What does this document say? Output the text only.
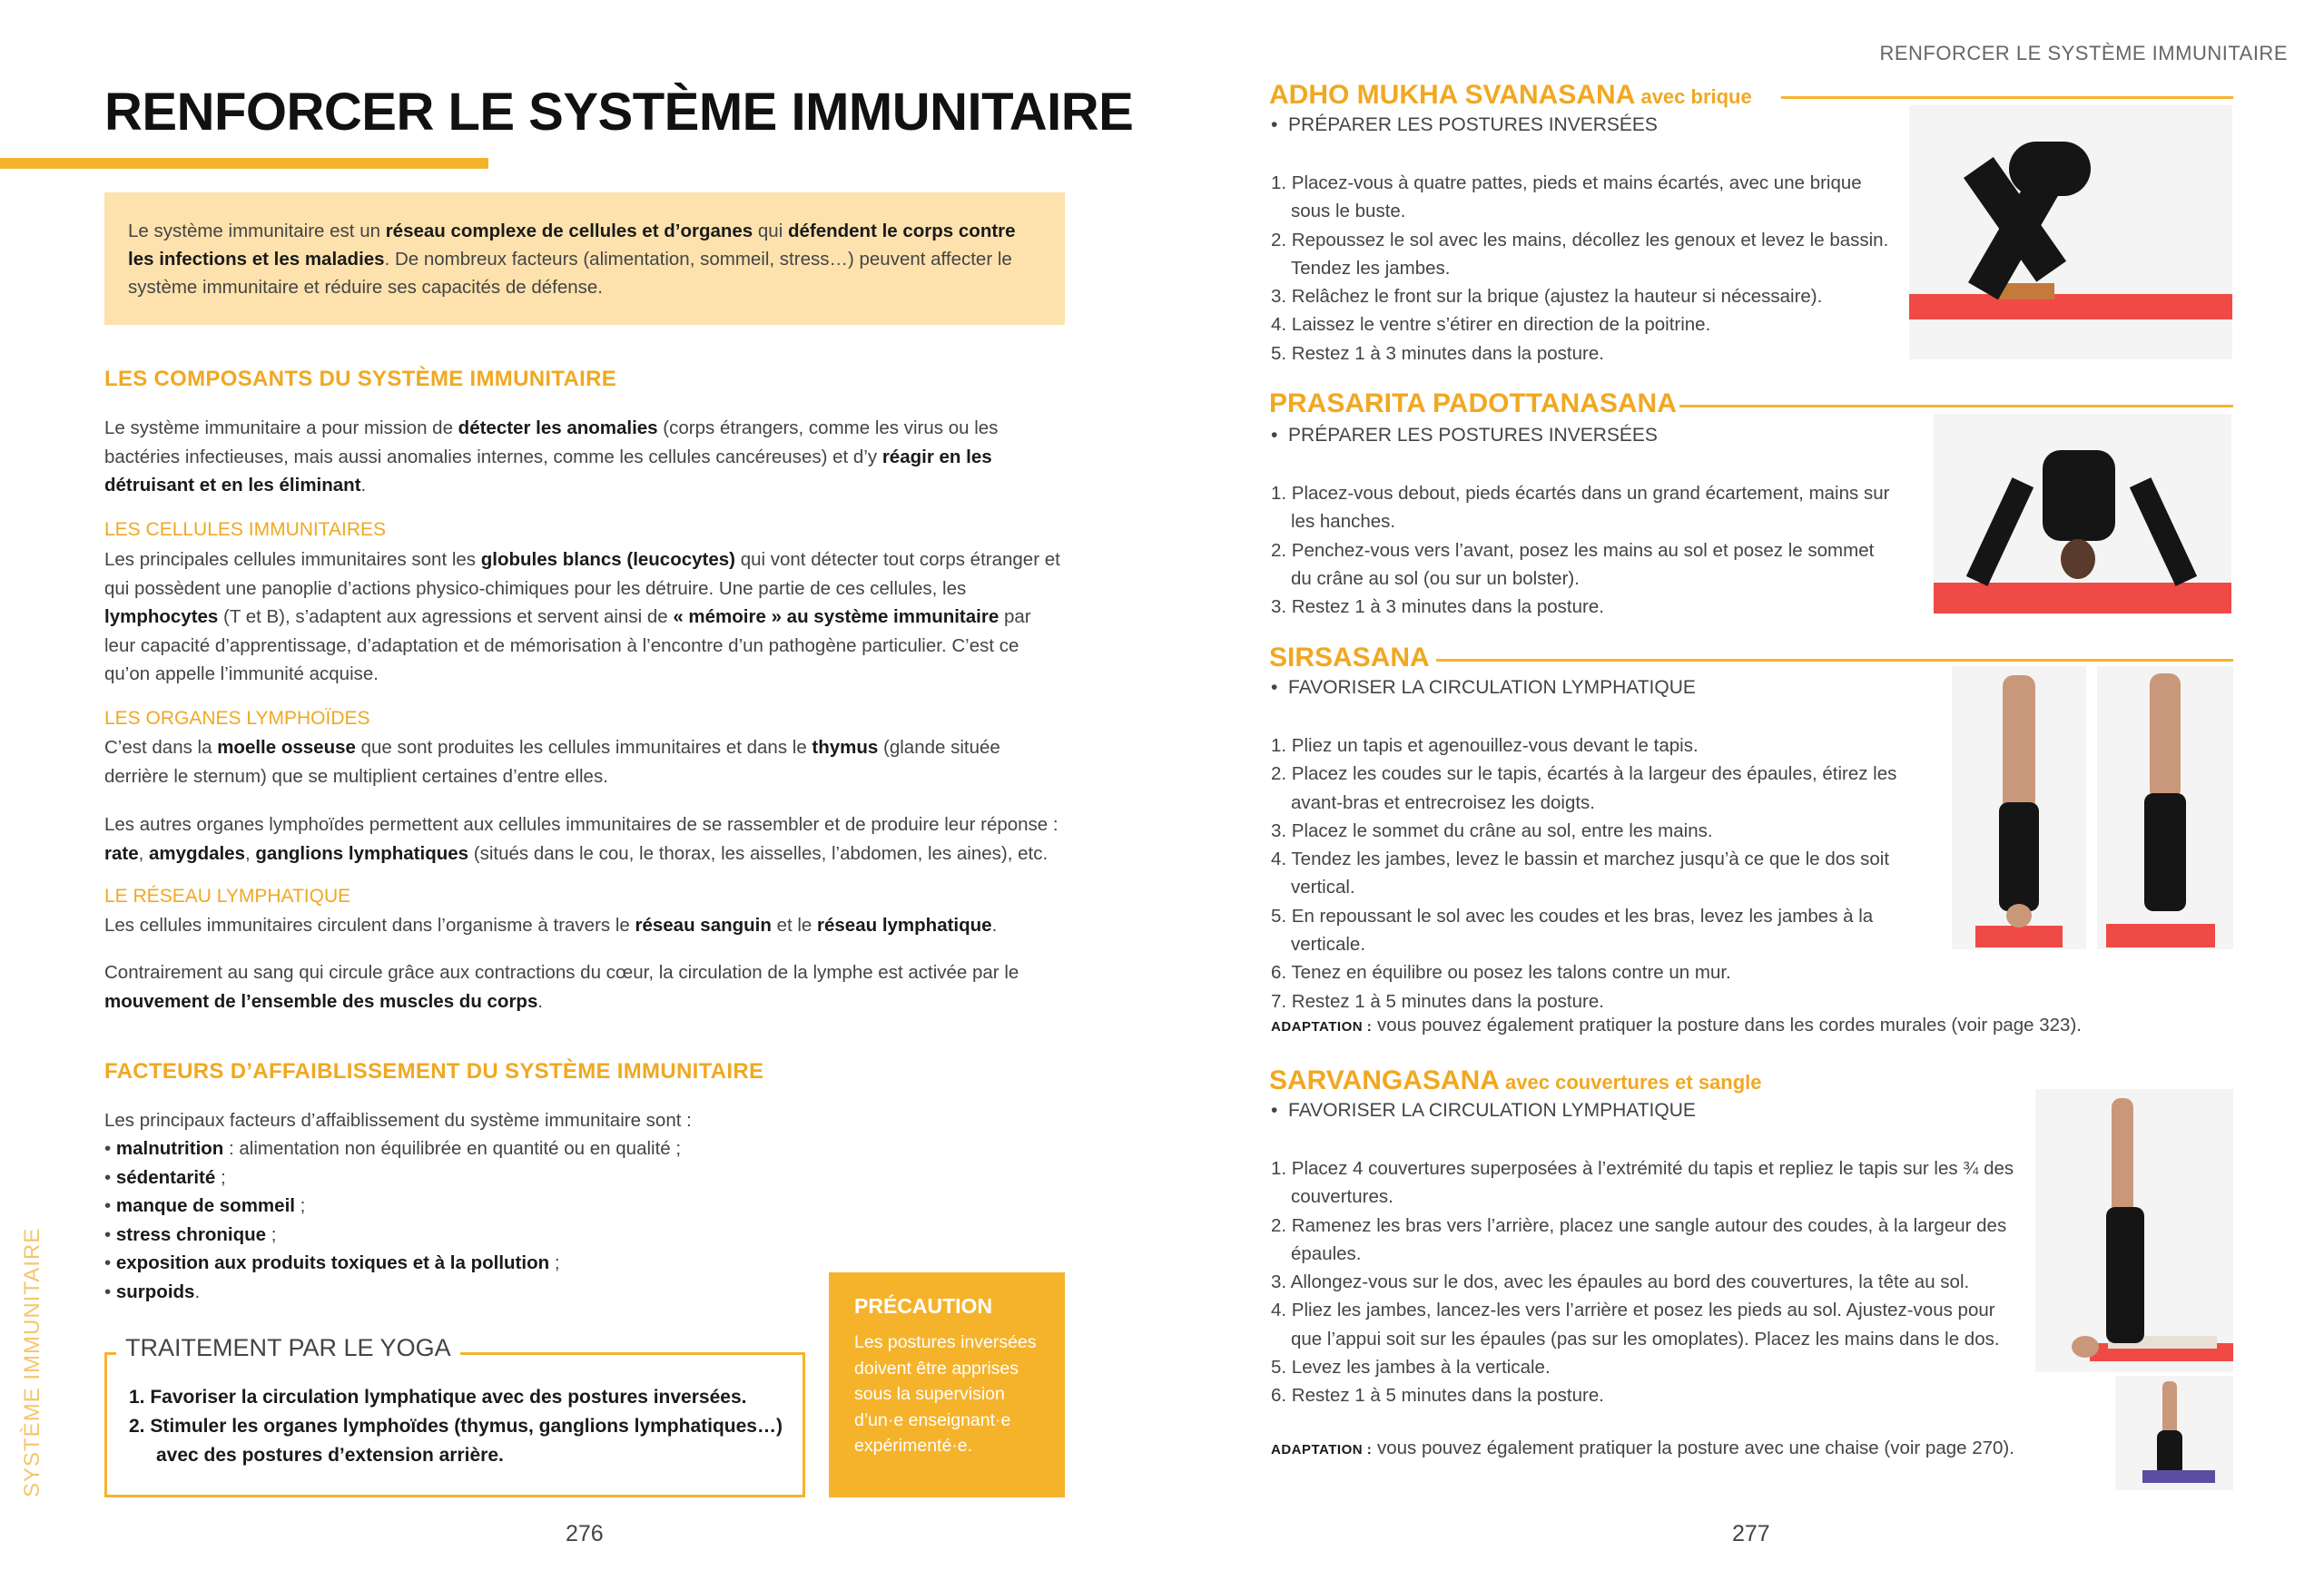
RENFORCER LE SYSTÈME IMMUNITAIRE
SYSTÈME IMMUNITAIRE
RENFORCER LE SYSTÈME IMMUNITAIRE

Le système immunitaire est un réseau complexe de cellules et d’organes qui défendent le corps contre les infections et les maladies. De nombreux facteurs (alimentation, sommeil, stress…) peuvent affecter le système immunitaire et réduire ses capacités de défense.

LES COMPOSANTS DU SYSTÈME IMMUNITAIRE

Le système immunitaire a pour mission de détecter les anomalies (corps étrangers, comme les virus ou les bactéries infectieuses, mais aussi anomalies internes, comme les cellules cancéreuses) et d’y réagir en les détruisant et en les éliminant.

LES CELLULES IMMUNITAIRES

Les principales cellules immunitaires sont les globules blancs (leucocytes) qui vont détecter tout corps étranger et qui possèdent une panoplie d’actions physico-chimiques pour les détruire. Une partie de ces cellules, les lymphocytes (T et B), s’adaptent aux agressions et servent ainsi de « mémoire » au système immunitaire par leur capacité d’apprentissage, d’adaptation et de mémorisation à l’encontre d’un pathogène particulier. C’est ce qu’on appelle l’immunité acquise.

LES ORGANES LYMPHOÏDES

C’est dans la moelle osseuse que sont produites les cellules immunitaires et dans le thymus (glande située derrière le sternum) que se multiplient certaines d’entre elles.

Les autres organes lymphoïdes permettent aux cellules immunitaires de se rassembler et de produire leur réponse : rate, amygdales, ganglions lymphatiques (situés dans le cou, le thorax, les aisselles, l’abdomen, les aines), etc.

LE RÉSEAU LYMPHATIQUE

Les cellules immunitaires circulent dans l’organisme à travers le réseau sanguin et le réseau lymphatique.

Contrairement au sang qui circule grâce aux contractions du cœur, la circulation de la lymphe est activée par le mouvement de l’ensemble des muscles du corps.

FACTEURS D’AFFAIBLISSEMENT DU SYSTÈME IMMUNITAIRE

Les principaux facteurs d’affaiblissement du système immunitaire sont :

• malnutrition : alimentation non équilibrée en quantité ou en qualité ;
• sédentarité ;
• manque de sommeil ;
• stress chronique ;
• exposition aux produits toxiques et à la pollution ;
• surpoids.
TRAITEMENT PAR LE YOGA
1. Favoriser la circulation lymphatique avec des postures inversées.
2. Stimuler les organes lymphoïdes (thymus, ganglions lymphatiques…)
avec des postures d’extension arrière.
PRÉCAUTION
Les postures inversées doivent être apprises sous la supervision d’un·e enseignant·e expérimenté·e.
276
ADHO MUKHA SVANASANA avec brique
•  PRÉPARER LES POSTURES INVERSÉES
1. Placez-vous à quatre pattes, pieds et mains écartés, avec une brique sous le buste.
2. Repoussez le sol avec les mains, décollez les genoux et levez le bassin. Tendez les jambes.
3. Relâchez le front sur la brique (ajustez la hauteur si nécessaire).
4. Laissez le ventre s’étirer en direction de la poitrine.
5. Restez 1 à 3 minutes dans la posture.
PRASARITA PADOTTANASANA
•  PRÉPARER LES POSTURES INVERSÉES
1. Placez-vous debout, pieds écartés dans un grand écartement, mains sur les hanches.
2. Penchez-vous vers l’avant, posez les mains au sol et posez le sommet du crâne au sol (ou sur un bolster).
3. Restez 1 à 3 minutes dans la posture.
SIRSASANA
•  FAVORISER LA CIRCULATION LYMPHATIQUE
1. Pliez un tapis et agenouillez-vous devant le tapis.
2. Placez les coudes sur le tapis, écartés à la largeur des épaules, étirez les avant-bras et entrecroisez les doigts.
3. Placez le sommet du crâne au sol, entre les mains.
4. Tendez les jambes, levez le bassin et marchez jusqu’à ce que le dos soit vertical.
5. En repoussant le sol avec les coudes et les bras, levez les jambes à la verticale.
6. Tenez en équilibre ou posez les talons contre un mur.
7. Restez 1 à 5 minutes dans la posture.
ADAPTATION : vous pouvez également pratiquer la posture dans les cordes murales (voir page 323).
SARVANGASANA avec couvertures et sangle
•  FAVORISER LA CIRCULATION LYMPHATIQUE
1. Placez 4 couvertures superposées à l’extrémité du tapis et repliez le tapis sur les ¾ des couvertures.
2. Ramenez les bras vers l’arrière, placez une sangle autour des coudes, à la largeur des épaules.
3. Allongez-vous sur le dos, avec les épaules au bord des couvertures, la tête au sol.
4. Pliez les jambes, lancez-les vers l’arrière et posez les pieds au sol. Ajustez-vous pour que l’appui soit sur les épaules (pas sur les omoplates). Placez les mains dans le dos.
5. Levez les jambes à la verticale.
6. Restez 1 à 5 minutes dans la posture.
ADAPTATION : vous pouvez également pratiquer la posture avec une chaise (voir page 270).
277
